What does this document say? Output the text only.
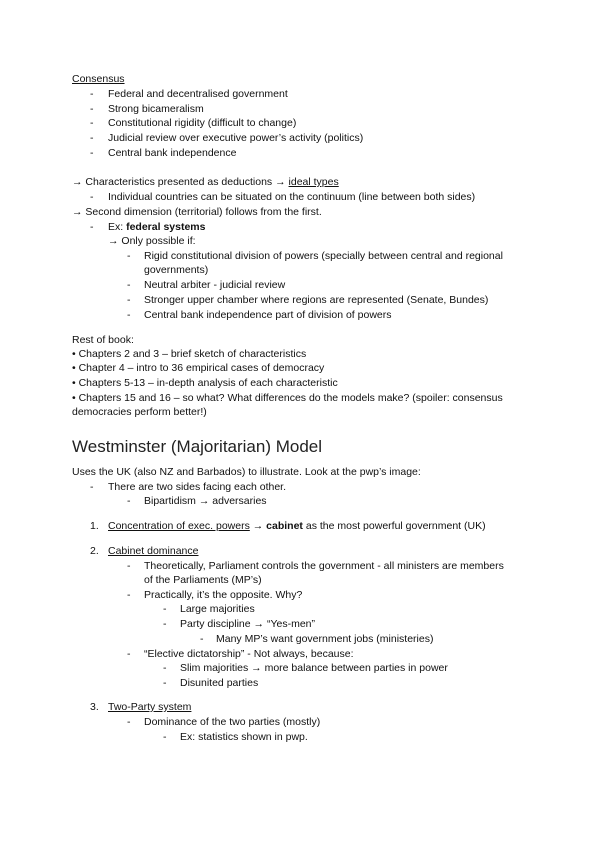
Consensus
- Federal and decentralised government
- Strong bicameralism
- Constitutional rigidity (difficult to change)
- Judicial review over executive power’s activity (politics)
- Central bank independence
→ Characteristics presented as deductions → ideal types
- Individual countries can be situated on the continuum (line between both sides)
→ Second dimension (territorial) follows from the first.
- Ex: federal systems
→ Only possible if:
- Rigid constitutional division of powers (specially between central and regional
governments)
- Neutral arbiter - judicial review
- Stronger upper chamber where regions are represented (Senate, Bundes)
- Central bank independence part of division of powers
Rest of book:
• Chapters 2 and 3 – brief sketch of characteristics
• Chapter 4 – intro to 36 empirical cases of democracy
• Chapters 5-13 – in-depth analysis of each characteristic
• Chapters 15 and 16 – so what? What differences do the models make? (spoiler: consensus
democracies perform better!)
Westminster (Majoritarian) Model
Uses the UK (also NZ and Barbados) to illustrate. Look at the pwp’s image:
- There are two sides facing each other.
- Bipartidism → adversaries
1. Concentration of exec. powers → cabinet as the most powerful government (UK)
2. Cabinet dominance
- Theoretically, Parliament controls the government - all ministers are members
of the Parliaments (MP’s)
- Practically, it’s the opposite. Why?
- Large majorities
- Party discipline → “Yes-men”
- Many MP’s want government jobs (ministeries)
- “Elective dictatorship” - Not always, because:
- Slim majorities → more balance between parties in power
- Disunited parties
3. Two-Party system
- Dominance of the two parties (mostly)
- Ex: statistics shown in pwp.
